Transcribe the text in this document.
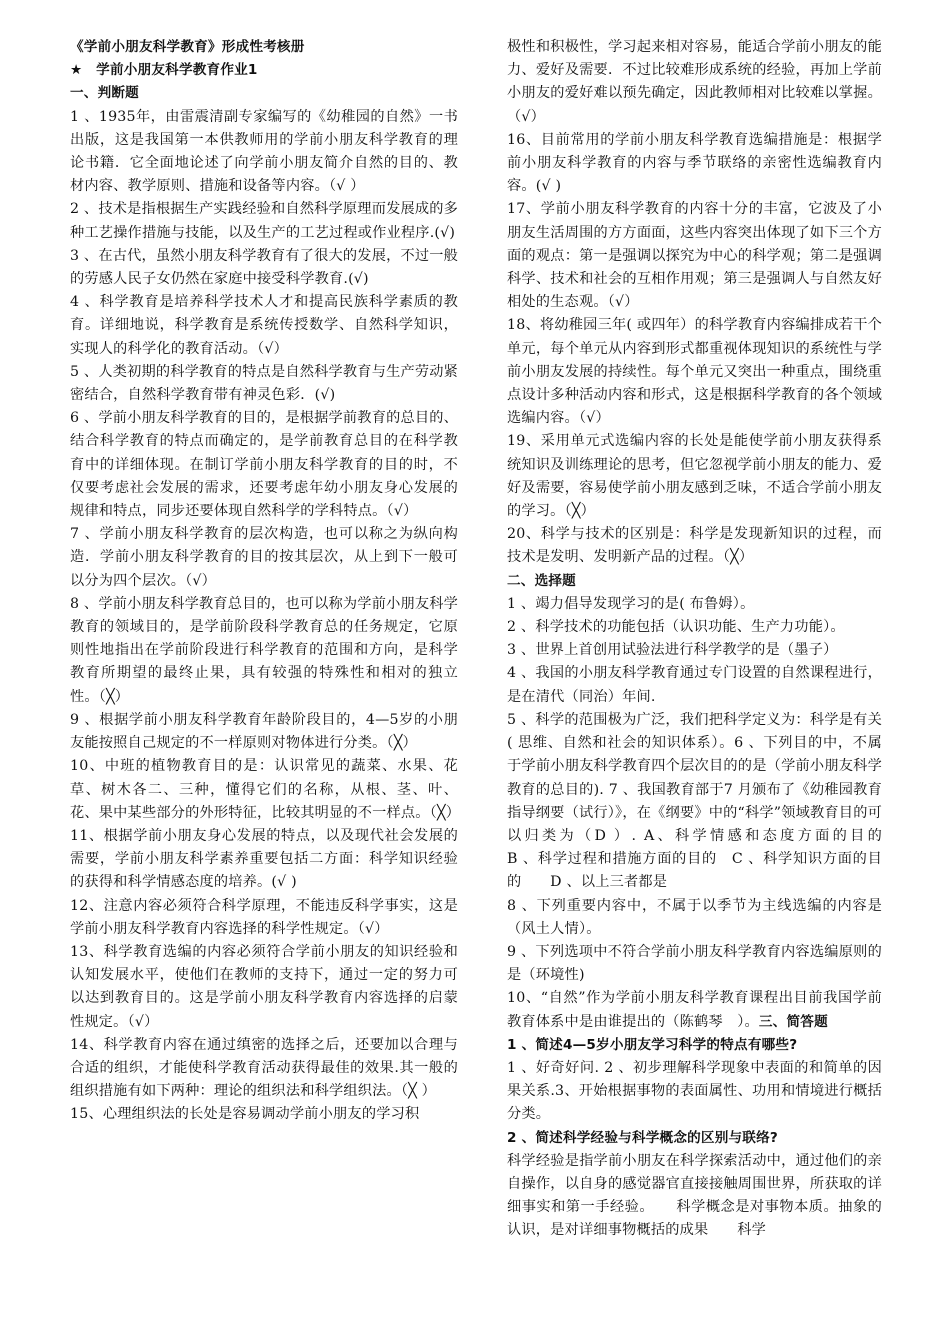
《学前小朋友科学教育》形成性考核册

★　学前小朋友科学教育作业1

一、判断题

1 、1935年，由雷震清副专家编写的《幼稚园的自然》一书出版，这是我国第一本供教师用的学前小朋友科学教育的理论书籍．它全面地论述了向学前小朋友简介自然的目的、教材内容、教学原则、措施和设备等内容。（√ ）

2 、技术是指根据生产实践经验和自然科学原理而发展成的多种工艺操作措施与技能，以及生产的工艺过程或作业程序.(√)

3 、在古代，虽然小朋友科学教育有了很大的发展，不过一般的劳感人民子女仍然在家庭中接受科学教育.(√)

4 、科学教育是培养科学技术人才和提高民族科学素质的教育。详细地说，科学教育是系统传授数学、自然科学知识，实现人的科学化的教育活动。（√）

5 、人类初期的科学教育的特点是自然科学教育与生产劳动紧密结合，自然科学教育带有神灵色彩．(√)

6 、学前小朋友科学教育的目的，是根据学前教育的总目的、结合科学教育的特点而确定的，是学前教育总目的在科学教育中的详细体现。在制订学前小朋友科学教育的目的时，不仅要考虑社会发展的需求，还要考虑年幼小朋友身心发展的规律和特点，同步还要体现自然科学的学科特点。（√）

7 、学前小朋友科学教育的层次构造，也可以称之为纵向构造．学前小朋友科学教育的目的按其层次，从上到下一般可以分为四个层次。（√）

8 、学前小朋友科学教育总目的，也可以称为学前小朋友科学教育的领域目的，是学前阶段科学教育总的任务规定，它原则性地指出在学前阶段进行科学教育的范围和方向，是科学教育所期望的最终止果，具有较强的特殊性和相对的独立性。（╳）

9 、根据学前小朋友科学教育年龄阶段目的，4—5岁的小朋友能按照自己规定的不一样原则对物体进行分类。（╳）

10、中班的植物教育目的是：认识常见的蔬菜、水果、花草、树木各二、三种，懂得它们的名称，从根、茎、叶、花、果中某些部分的外形特征，比较其明显的不一样点。（╳）

11、根据学前小朋友身心发展的特点，以及现代社会发展的需要，学前小朋友科学素养重要包括二方面：科学知识经验的获得和科学情感态度的培养。(√ )

12、注意内容必须符合科学原理，不能违反科学事实，这是学前小朋友科学教育内容选择的科学性规定。（√）

13、科学教育选编的内容必须符合学前小朋友的知识经验和认知发展水平，使他们在教师的支持下，通过一定的努力可以达到教育目的。这是学前小朋友科学教育内容选择的启蒙性规定。（√）

14、科学教育内容在通过缜密的选择之后，还要加以合理与合适的组织，才能使科学教育活动获得最佳的效果.其一般的组织措施有如下两种：理论的组织法和科学组织法。（╳ ）

15、心理组织法的长处是容易调动学前小朋友的学习积

极性和积极性，学习起来相对容易，能适合学前小朋友的能力、爱好及需要．不过比较难形成系统的经验，再加上学前小朋友的爱好难以预先确定，因此教师相对比较难以掌握。（√）

16、目前常用的学前小朋友科学教育选编措施是：根据学前小朋友科学教育的内容与季节联络的亲密性选编教育内容。(√ )

17、学前小朋友科学教育的内容十分的丰富，它波及了小朋友生活周围的方方面面，这些内容突出体现了如下三个方面的观点：第一是强调以探究为中心的科学观；第二是强调科学、技术和社会的互相作用观；第三是强调人与自然友好相处的生态观。（√）

18、将幼稚园三年( 或四年）的科学教育内容编排成若干个单元，每个单元从内容到形式都重视体现知识的系统性与学前小朋友发展的持续性。每个单元又突出一种重点，围绕重点设计多种活动内容和形式，这是根据科学教育的各个领域选编内容。（√）

19、采用单元式选编内容的长处是能使学前小朋友获得系统知识及训练理论的思考，但它忽视学前小朋友的能力、爱好及需要，容易使学前小朋友感到乏味，不适合学前小朋友的学习。（╳）

20、科学与技术的区别是：科学是发现新知识的过程，而技术是发明、发明新产品的过程。（╳）

二、选择题

1 、竭力倡导发现学习的是( 布鲁姆）。

2 、科学技术的功能包括（认识功能、生产力功能）。

3 、世界上首创用试验法进行科学教学的是（墨子）

4 、我国的小朋友科学教育通过专门设置的自然课程进行，是在清代（同治）年间.

5 、科学的范围极为广泛，我们把科学定义为：科学是有关( 思维、自然和社会的知识体系）。6 、下列目的中，不属于学前小朋友科学教育四个层次目的的是（学前小朋友科学教育的总目的). 7 、我国教育部于7 月颁布了《幼稚园教育指导纲要（试行）》，在《纲要》中的“科学”领域教育目的可以归类为（D ）. A、科学情感和态度方面的目的　　　　B 、科学过程和措施方面的目的　C 、科学知识方面的目的　　D 、以上三者都是

8 、下列重要内容中，不属于以季节为主线选编的内容是（风土人情）。

9 、下列选项中不符合学前小朋友科学教育内容选编原则的是（环境性)

10、“自然”作为学前小朋友科学教育课程出目前我国学前教育体系中是由谁提出的（陈鹤琴　）。三、简答题

1 、简述4—5岁小朋友学习科学的特点有哪些?

1 、好奇好问. 2 、初步理解科学现象中表面的和简单的因果关系.3、开始根据事物的表面属性、功用和情境进行概括分类。

2 、简述科学经验与科学概念的区别与联络?

科学经验是指学前小朋友在科学探索活动中，通过他们的亲自操作，以自身的感觉器官直接接触周围世界，所获取的详细事实和第一手经验。　　科学概念是对事物本质。抽象的认识，是对详细事物概括的成果　　科学
